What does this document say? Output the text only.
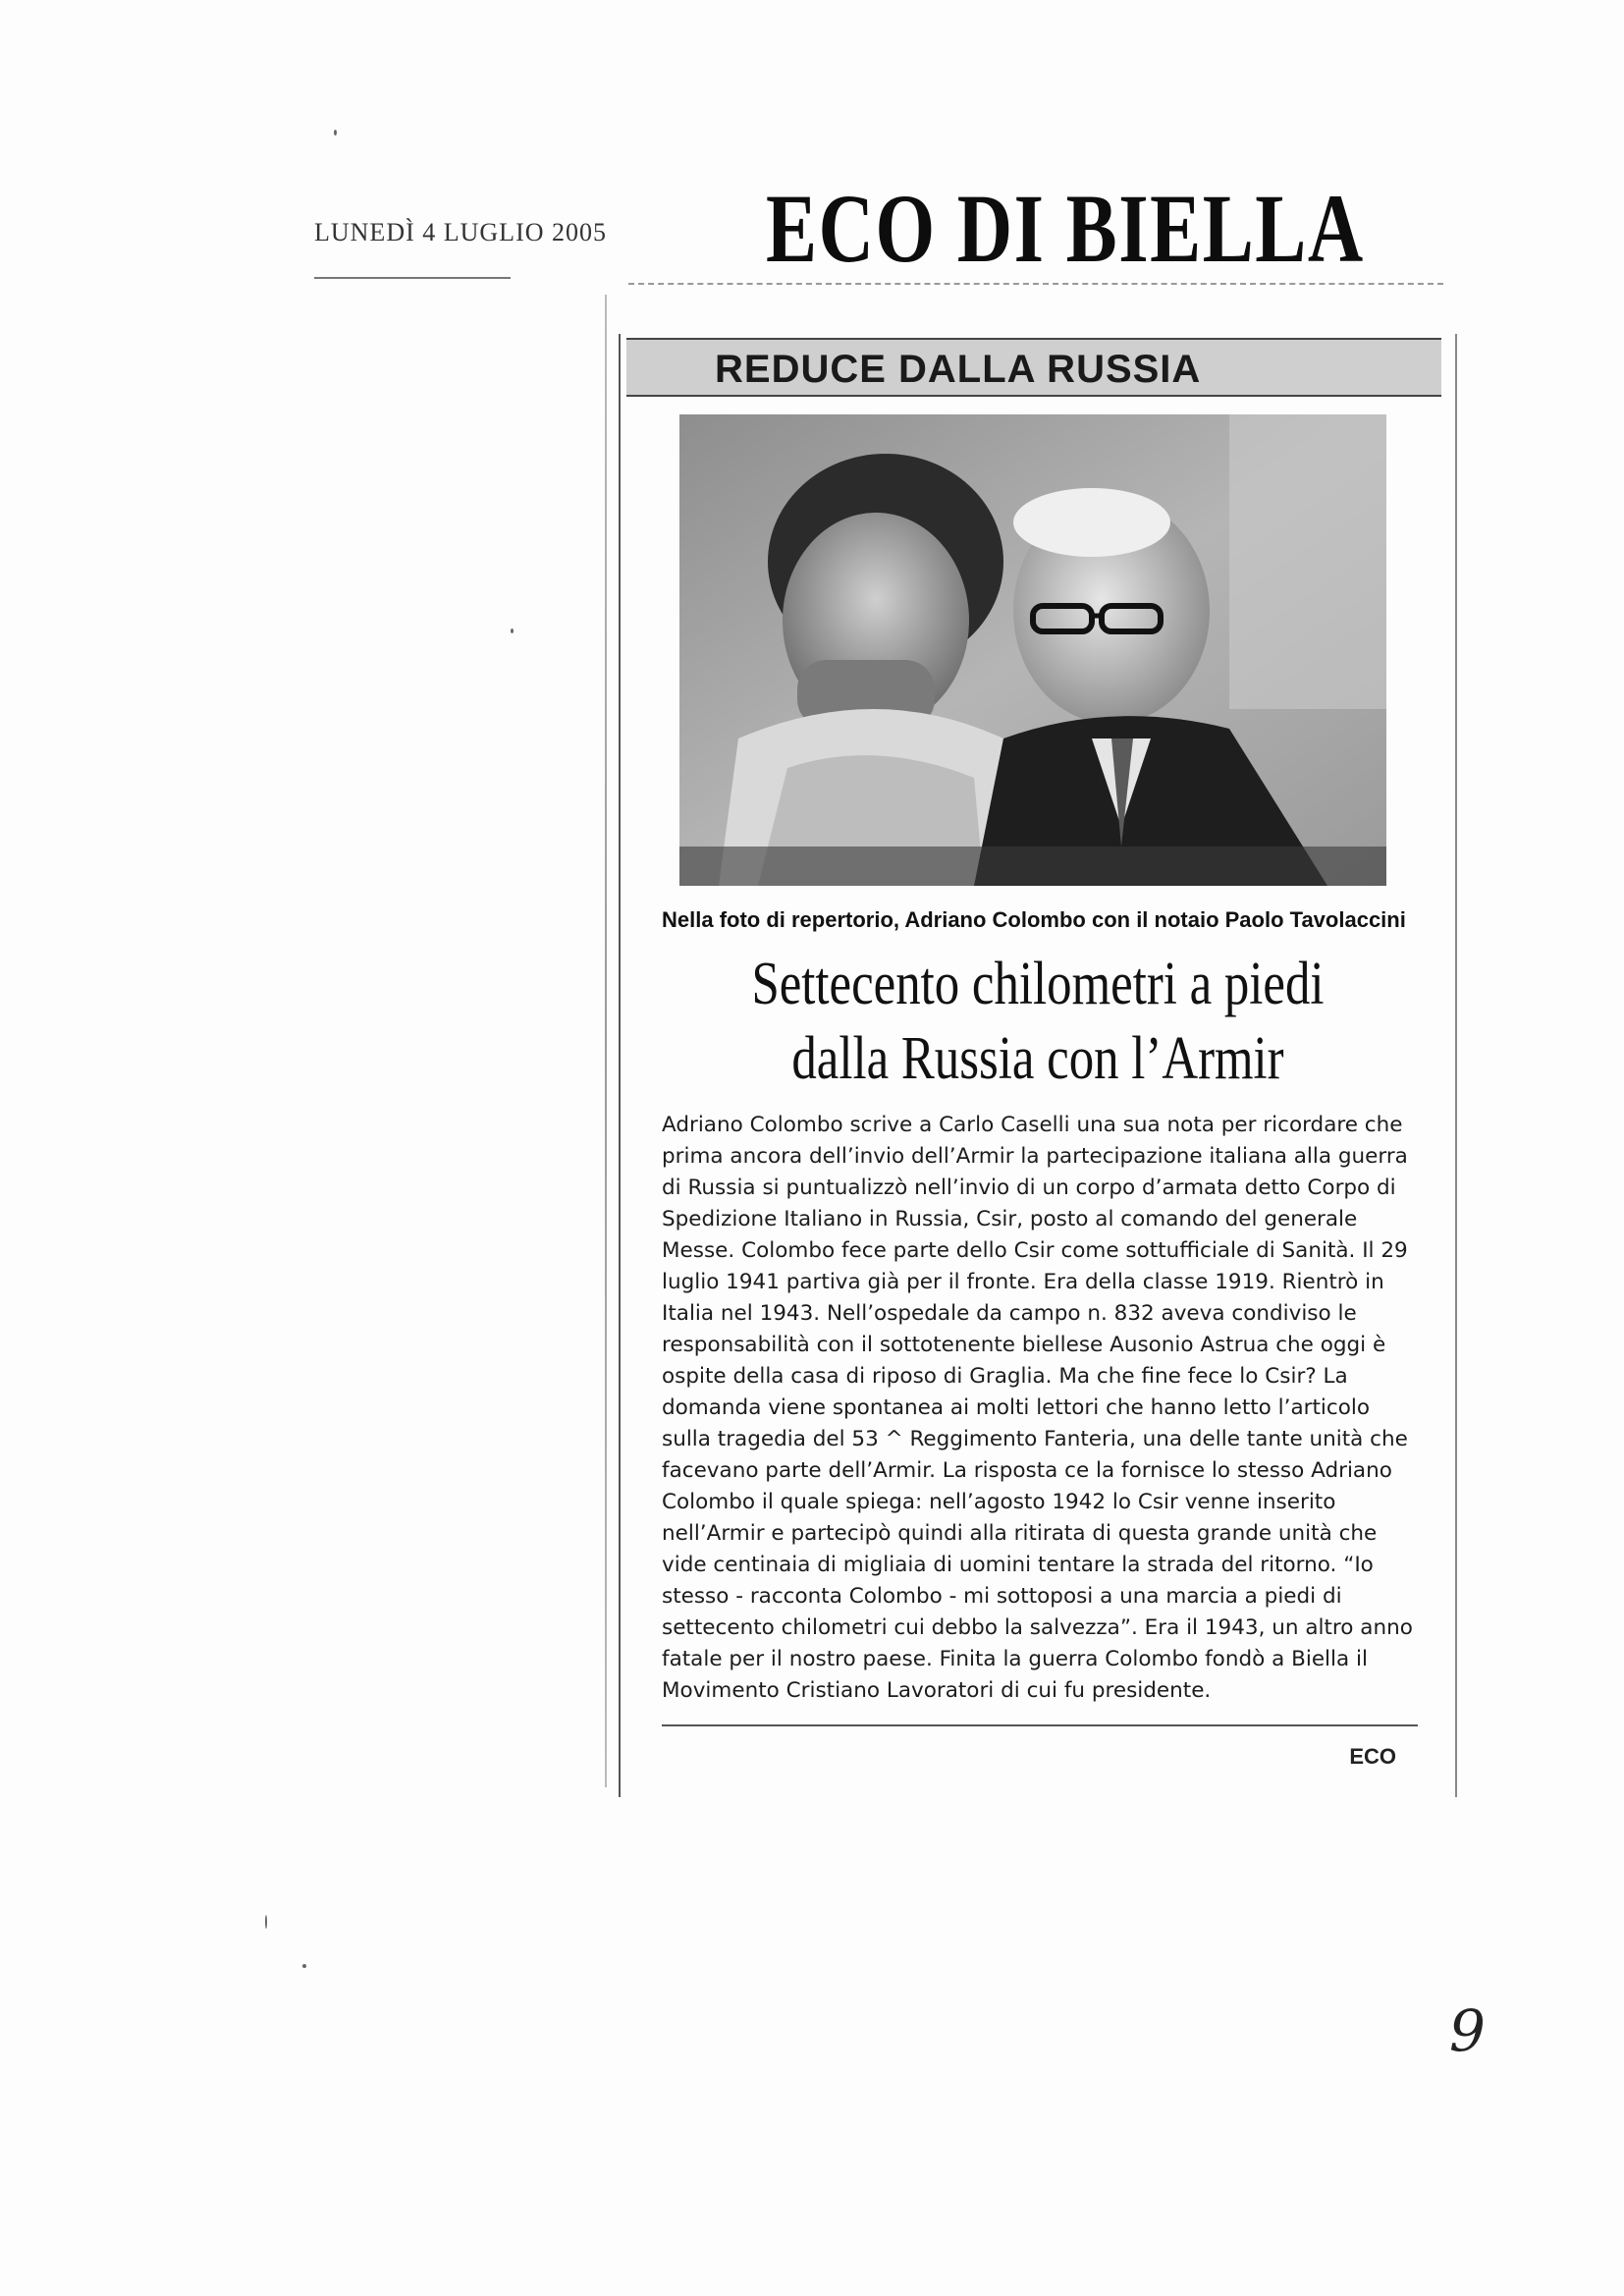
LUNEDÌ 4 LUGLIO 2005 ECO DI BIELLA
REDUCE DALLA RUSSIA
Nella foto di repertorio, Adriano Colombo con il notaio Paolo Tavolaccini
Settecento chilometri a piedi
dalla Russia con l’Armir
Adriano Colombo scrive a Carlo Caselli una sua nota per ricordare che prima ancora dell’invio dell’Armir la partecipazione italiana alla guerra di Russia si puntualizzò nell’invio di un corpo d’armata detto Corpo di Spedizione Italiano in Russia, Csir, posto al comando del generale Messe. Colombo fece parte dello Csir come sottufficiale di Sanità. Il 29 luglio 1941 partiva già per il fronte. Era della classe 1919. Rientrò in Italia nel 1943. Nell’ospedale da campo n. 832 aveva condiviso le responsabilità con il sottotenente biellese Ausonio Astrua che oggi è ospite della casa di riposo di Graglia. Ma che fine fece lo Csir? La domanda viene spontanea ai molti lettori che hanno letto l’articolo sulla tragedia del 53 ^ Reggimento Fanteria, una delle tante unità che facevano parte dell’Armir. La risposta ce la fornisce lo stesso Adriano Colombo il quale spiega: nell’agosto 1942 lo Csir venne inserito nell’Armir e partecipò quindi alla ritirata di questa grande unità che vide centinaia di migliaia di uomini tentare la strada del ritorno. “Io stesso - racconta Colombo - mi sottoposi a una marcia a piedi di settecento chilometri cui debbo la salvezza”. Era il 1943, un altro anno fatale per il nostro paese. Finita la guerra Colombo fondò a Biella il Movimento Cristiano Lavoratori di cui fu presidente.
ECO
9
